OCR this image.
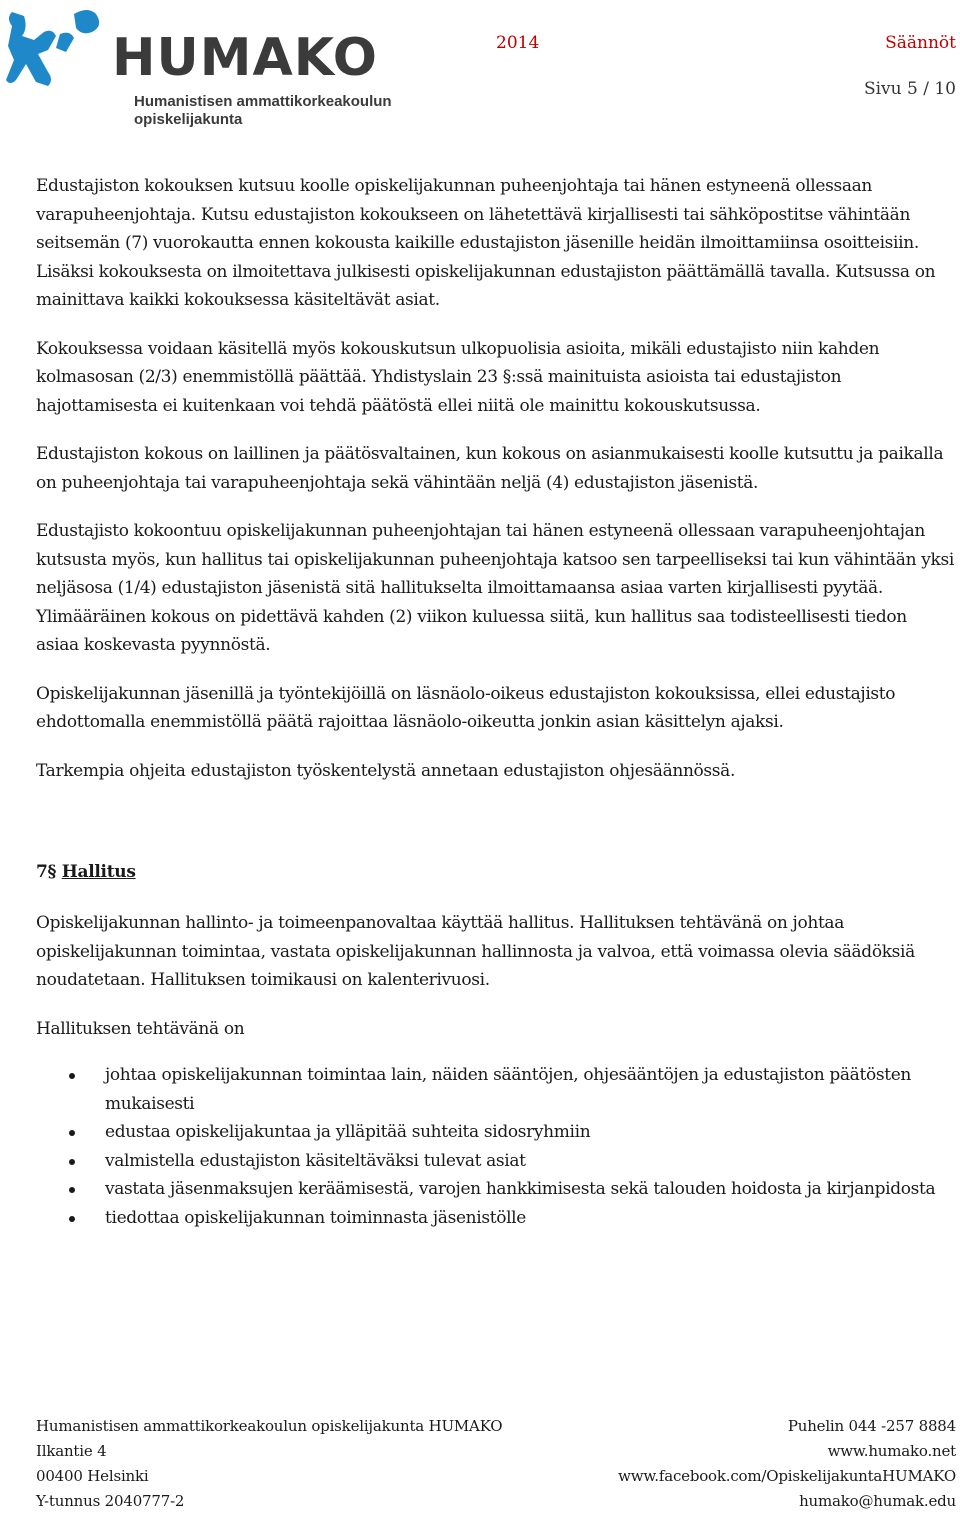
HUMAKO
Humanistisen ammattikorkeakoulun
opiskelijakunta
2014	Säännöt
Sivu 5 / 10

Edustajiston kokouksen kutsuu koolle opiskelijakunnan puheenjohtaja tai hänen estyneenä ollessaan varapuheenjohtaja. Kutsu edustajiston kokoukseen on lähetettävä kirjallisesti tai sähköpostitse vähintään seitsemän (7) vuorokautta ennen kokousta kaikille edustajiston jäsenille heidän ilmoittamiinsa osoitteisiin. Lisäksi kokouksesta on ilmoitettava julkisesti opiskelijakunnan edustajiston päättämällä tavalla. Kutsussa on mainittava kaikki kokouksessa käsiteltävät asiat.

Kokouksessa voidaan käsitellä myös kokouskutsun ulkopuolisia asioita, mikäli edustajisto niin kahden kolmasosan (2/3) enemmistöllä päättää. Yhdistyslain 23 §:ssä mainituista asioista tai edustajiston hajottamisesta ei kuitenkaan voi tehdä päätöstä ellei niitä ole mainittu kokouskutsussa.

Edustajiston kokous on laillinen ja päätösvaltainen, kun kokous on asianmukaisesti koolle kutsuttu ja paikalla on puheenjohtaja tai varapuheenjohtaja sekä vähintään neljä (4) edustajiston jäsenistä.

Edustajisto kokoontuu opiskelijakunnan puheenjohtajan tai hänen estyneenä ollessaan varapuheenjohtajan kutsusta myös, kun hallitus tai opiskelijakunnan puheenjohtaja katsoo sen tarpeelliseksi tai kun vähintään yksi neljäsosa (1/4) edustajiston jäsenistä sitä hallitukselta ilmoittamaansa asiaa varten kirjallisesti pyytää. Ylimääräinen kokous on pidettävä kahden (2) viikon kuluessa siitä, kun hallitus saa todisteellisesti tiedon asiaa koskevasta pyynnöstä.

Opiskelijakunnan jäsenillä ja työntekijöillä on läsnäolo-oikeus edustajiston kokouksissa, ellei edustajisto ehdottomalla enemmistöllä päätä rajoittaa läsnäolo-oikeutta jonkin asian käsittelyn ajaksi.

Tarkempia ohjeita edustajiston työskentelystä annetaan edustajiston ohjesäännössä.

7§ Hallitus

Opiskelijakunnan hallinto- ja toimeenpanovaltaa käyttää hallitus. Hallituksen tehtävänä on johtaa opiskelijakunnan toimintaa, vastata opiskelijakunnan hallinnosta ja valvoa, että voimassa olevia säädöksiä noudatetaan. Hallituksen toimikausi on kalenterivuosi.

Hallituksen tehtävänä on

johtaa opiskelijakunnan toimintaa lain, näiden sääntöjen, ohjesääntöjen ja edustajiston päätösten mukaisesti
edustaa opiskelijakuntaa ja ylläpitää suhteita sidosryhmiin
valmistella edustajiston käsiteltäväksi tulevat asiat
vastata jäsenmaksujen keräämisestä, varojen hankkimisesta sekä talouden hoidosta ja kirjanpidosta
tiedottaa opiskelijakunnan toiminnasta jäsenistölle
Humanistisen ammattikorkeakoulun opiskelijakunta HUMAKO
Ilkantie 4
00400 Helsinki
Y-tunnus 2040777-2
Puhelin 044 -257 8884
www.humako.net
www.facebook.com/OpiskelijakuntaHUMAKO
humako@humak.edu
